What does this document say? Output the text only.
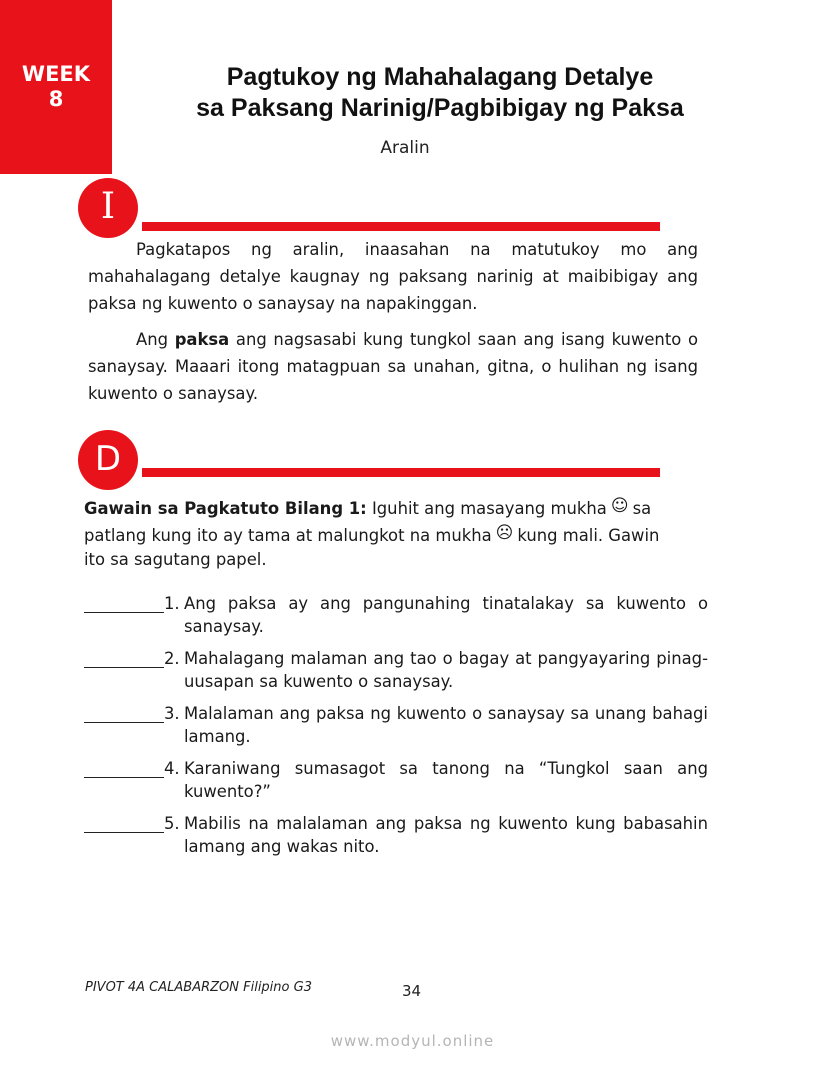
WEEK
8
Pagtukoy ng Mahahalagang Detalye
sa Paksang Narinig/Pagbibigay ng Paksa
Aralin
I

Pagkatapos ng aralin, inaasahan na matutukoy mo ang mahahalagang detalye kaugnay ng paksang narinig at maibibigay ang paksa ng kuwento o sanaysay na napakinggan.

Ang paksa ang nagsasabi kung tungkol saan ang isang kuwento o sanaysay. Maaari itong matagpuan sa unahan, gitna, o hulihan ng isang kuwento o sanaysay.

D

Gawain sa Pagkatuto Bilang 1: Iguhit ang masayang mukha ☺ sa patlang kung ito ay tama at malungkot na mukha ☹ kung mali. Gawin ito sa sagutang papel.

1. Ang paksa ay ang pangunahing tinatalakay sa kuwento o sanaysay.
2. Mahalagang malaman ang tao o bagay at pangyayaring pinag-uusapan sa kuwento o sanaysay.
3. Malalaman ang paksa ng kuwento o sanaysay sa unang bahagi lamang.
4. Karaniwang sumasagot sa tanong na “Tungkol saan ang kuwento?”
5. Mabilis na malalaman ang paksa ng kuwento kung babasahin lamang ang wakas nito.
PIVOT 4A CALABARZON Filipino G3	34
www.modyul.online
